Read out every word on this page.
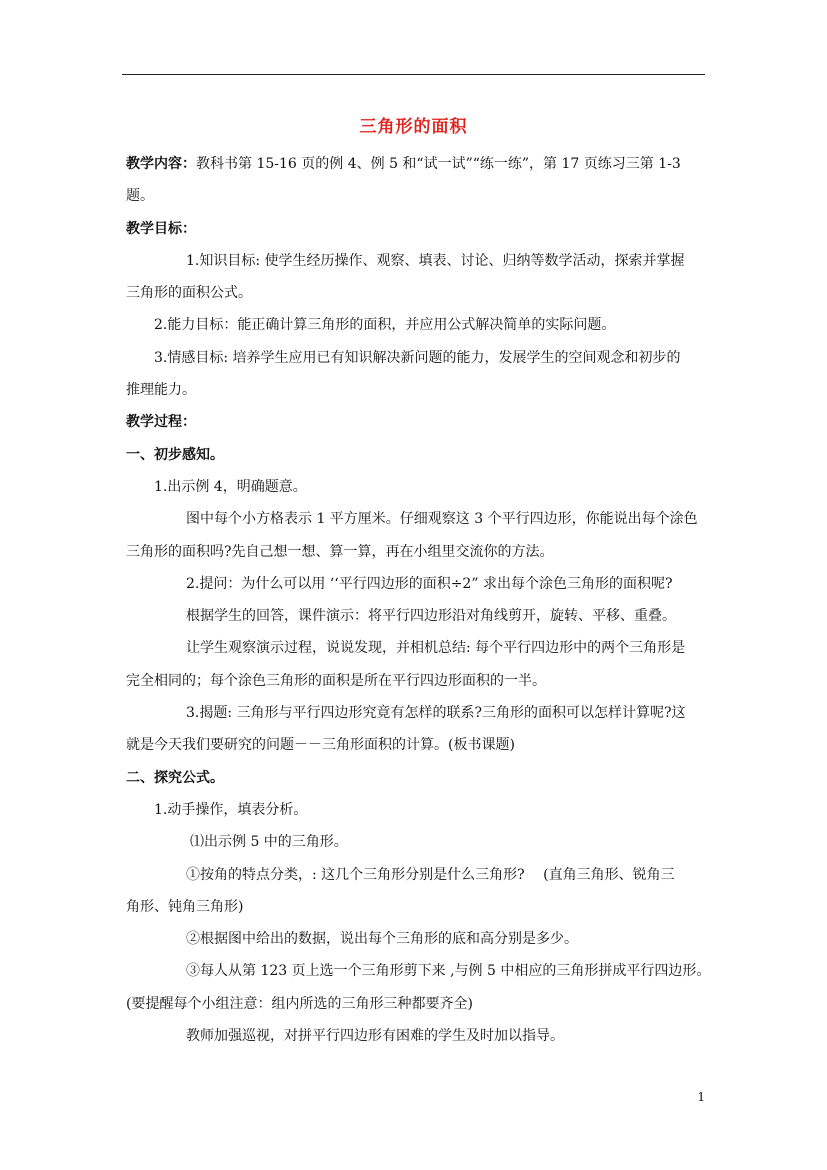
三角形的面积
教学内容：教科书第 15-16 页的例 4、例 5 和“试一试”“练一练”，第 17 页练习三第 1-3
题。
教学目标：
1.知识目标: 使学生经历操作、观察、填表、讨论、归纳等数学活动，探索并掌握
三角形的面积公式。
2.能力目标：能正确计算三角形的面积，并应用公式解决简单的实际问题。
3.情感目标: 培养学生应用已有知识解决新问题的能力，发展学生的空间观念和初步的
推理能力。
教学过程：
一、初步感知。
1.出示例 4，明确题意。
图中每个小方格表示 1 平方厘米。仔细观察这 3 个平行四边形，你能说出每个涂色
三角形的面积吗?先自己想一想、算一算，再在小组里交流你的方法。
2.提问：为什么可以用 ‘‘平行四边形的面积÷2” 求出每个涂色三角形的面积呢?
根据学生的回答，课件演示：将平行四边形沿对角线剪开，旋转、平移、重叠。
让学生观察演示过程，说说发现，并相机总结: 每个平行四边形中的两个三角形是
完全相同的；每个涂色三角形的面积是所在平行四边形面积的一半。
3.揭题: 三角形与平行四边形究竟有怎样的联系?三角形的面积可以怎样计算呢?这
就是今天我们要研究的问题－－三角形面积的计算。(板书课题)
二、探究公式。
1.动手操作，填表分析。
⑴出示例 5 中的三角形。
①按角的特点分类，: 这几个三角形分别是什么三角形?　 (直角三角形、锐角三
角形、钝角三角形)
②根据图中给出的数据，说出每个三角形的底和高分别是多少。
③每人从第 123 页上选一个三角形剪下来 ,与例 5 中相应的三角形拼成平行四边形。
(要提醒每个小组注意：组内所选的三角形三种都要齐全)
教师加强巡视，对拼平行四边形有困难的学生及时加以指导。
1
